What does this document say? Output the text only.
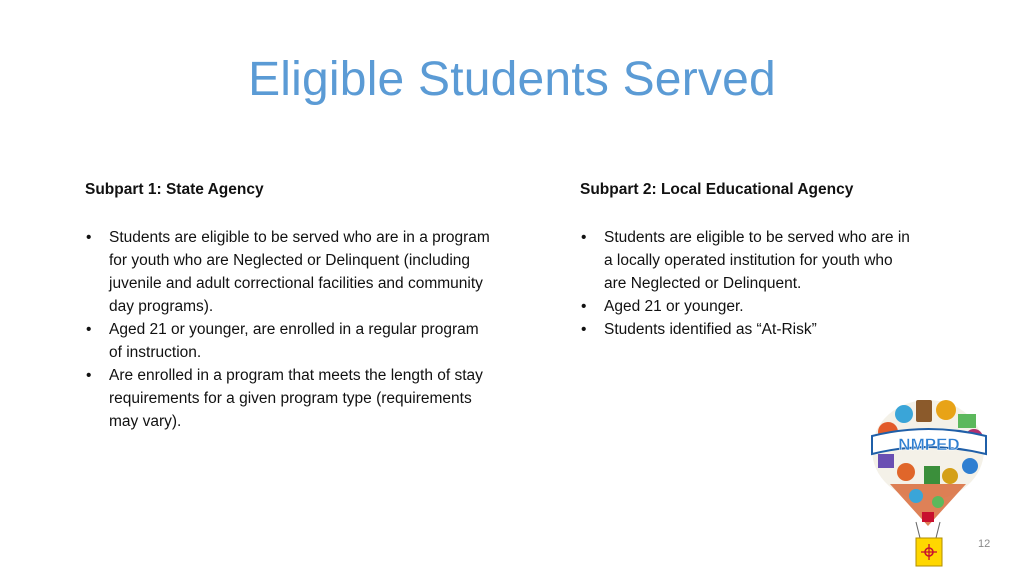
Eligible Students Served
Subpart 1: State Agency
• Students are eligible to be served who are in a program for youth who are Neglected or Delinquent (including juvenile and adult correctional facilities and community day programs).
• Aged 21 or younger, are enrolled in a regular program of instruction.
• Are enrolled in a program that meets the length of stay requirements for a given program type (requirements may vary).
Subpart 2: Local Educational Agency
• Students are eligible to be served who are in a locally operated institution for youth who are Neglected or Delinquent.
• Aged 21 or younger.
• Students identified as “At-Risk”
NMPED
12
